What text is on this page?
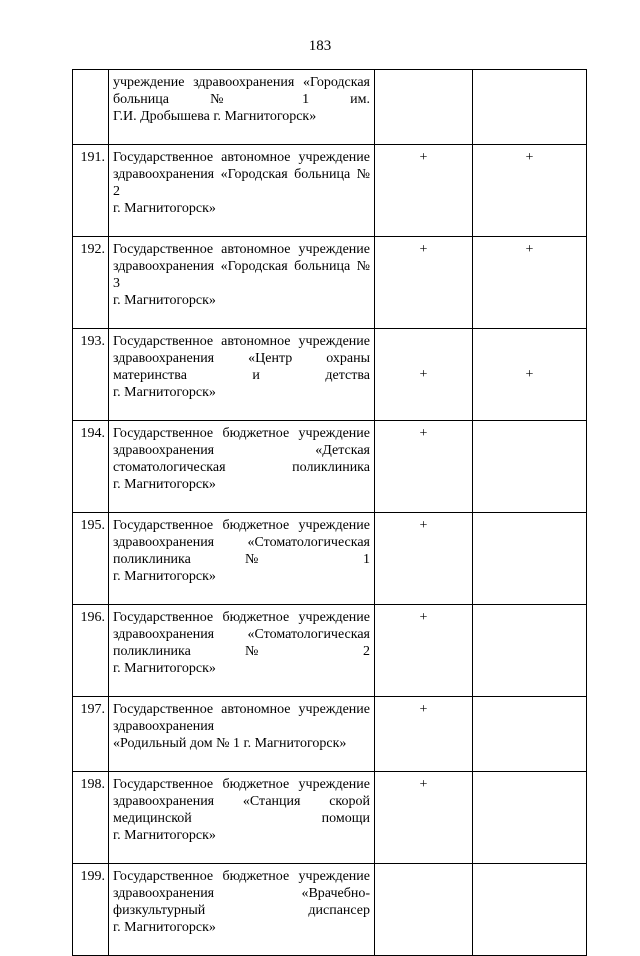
183
	учреждение здравоохранения «Городская больница № 1 им.
Г.И. Дробышева г. Магнитогорск»		

191.	Государственное автономное учреждение здравоохранения «Городская больница № 2
г. Магнитогорск»	+	+
192.	Государственное автономное учреждение здравоохранения «Городская больница № 3
г. Магнитогорск»	+	+
193.	Государственное автономное учреждение здравоохранения «Центр охраны материнства и детства
г. Магнитогорск»	+	+
194.	Государственное бюджетное учреждение здравоохранения «Детская стоматологическая поликлиника
г. Магнитогорск»	+	
195.	Государственное бюджетное учреждение здравоохранения «Стоматологическая поликлиника № 1
г. Магнитогорск»	+	
196.	Государственное бюджетное учреждение здравоохранения «Стоматологическая поликлиника № 2
г. Магнитогорск»	+	
197.	Государственное автономное учреждение здравоохранения
«Родильный дом № 1 г. Магнитогорск»	+	
198.	Государственное бюджетное учреждение здравоохранения «Станция скорой медицинской помощи
г. Магнитогорск»	+	
199.	Государственное бюджетное учреждение здравоохранения «Врачебно-физкультурный диспансер
г. Магнитогорск»		
